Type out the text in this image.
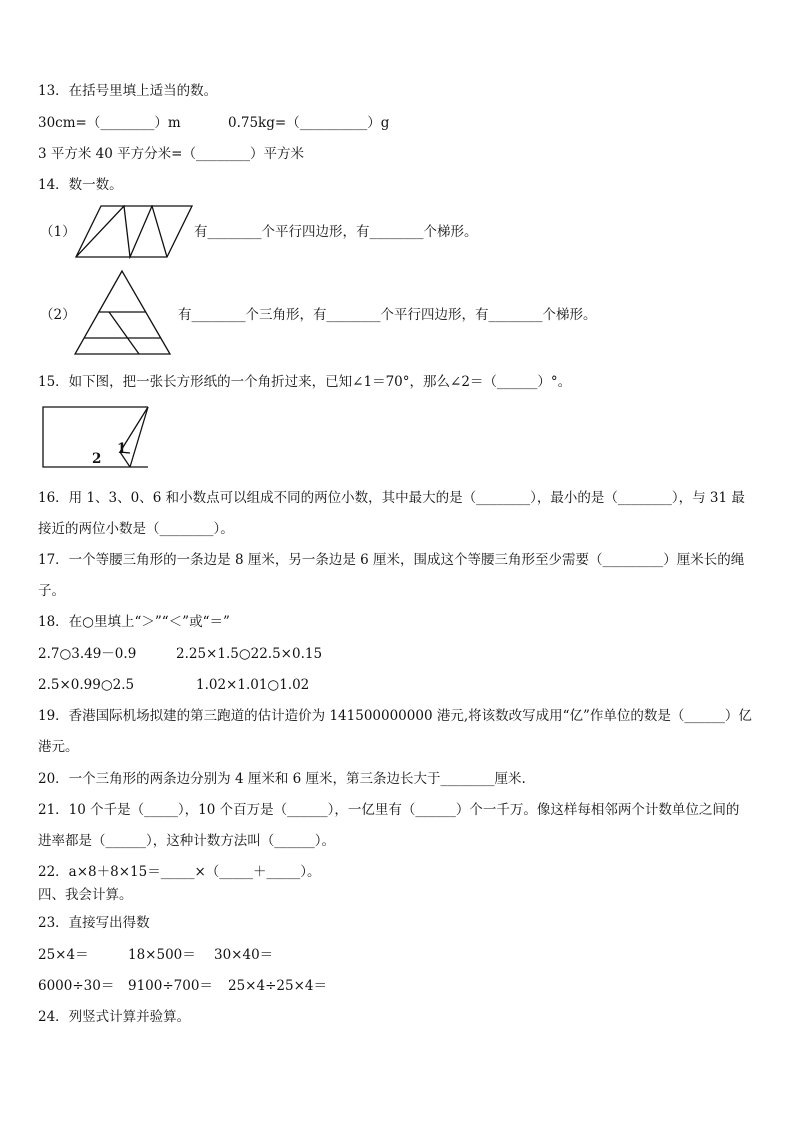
13．在括号里填上适当的数。
30cm=（________）m	0.75kg=（__________）g
3 平方米 40 平方分米=（________）平方米
14．数一数。
（1）	有________个平行四边形，有________个梯形。
（2）	有________个三角形，有________个平行四边形，有________个梯形。
15．如下图，把一张长方形纸的一个角折过来，已知∠1＝70°，那么∠2＝（______）°。
1
2
16．用 1、3、0、6 和小数点可以组成不同的两位小数，其中最大的是（________），最小的是（________），与 31 最
接近的两位小数是（________）。
17．一个等腰三角形的一条边是 8 厘米，另一条边是 6 厘米，围成这个等腰三角形至少需要（_________）厘米长的绳
子。
18．在○里填上“＞”“＜”或“＝”
2.7○3.49－0.9	2.25×1.5○22.5×0.15
2.5×0.99○2.5	1.02×1.01○1.02
19．香港国际机场拟建的第三跑道的估计造价为 141500000000 港元,将该数改写成用“亿”作单位的数是（______）亿
港元。
20．一个三角形的两条边分别为 4 厘米和 6 厘米，第三条边长大于________厘米.
21．10 个千是（_____），10 个百万是（______），一亿里有（______）个一千万。像这样每相邻两个计数单位之间的
进率都是（______），这种计数方法叫（______）。
22．a×8＋8×15＝_____×（_____＋_____）。
四、我会计算。
23．直接写出得数
25×4＝	18×500＝ 30×40＝
6000÷30＝ 9100÷700＝ 25×4÷25×4＝
24．列竖式计算并验算。
